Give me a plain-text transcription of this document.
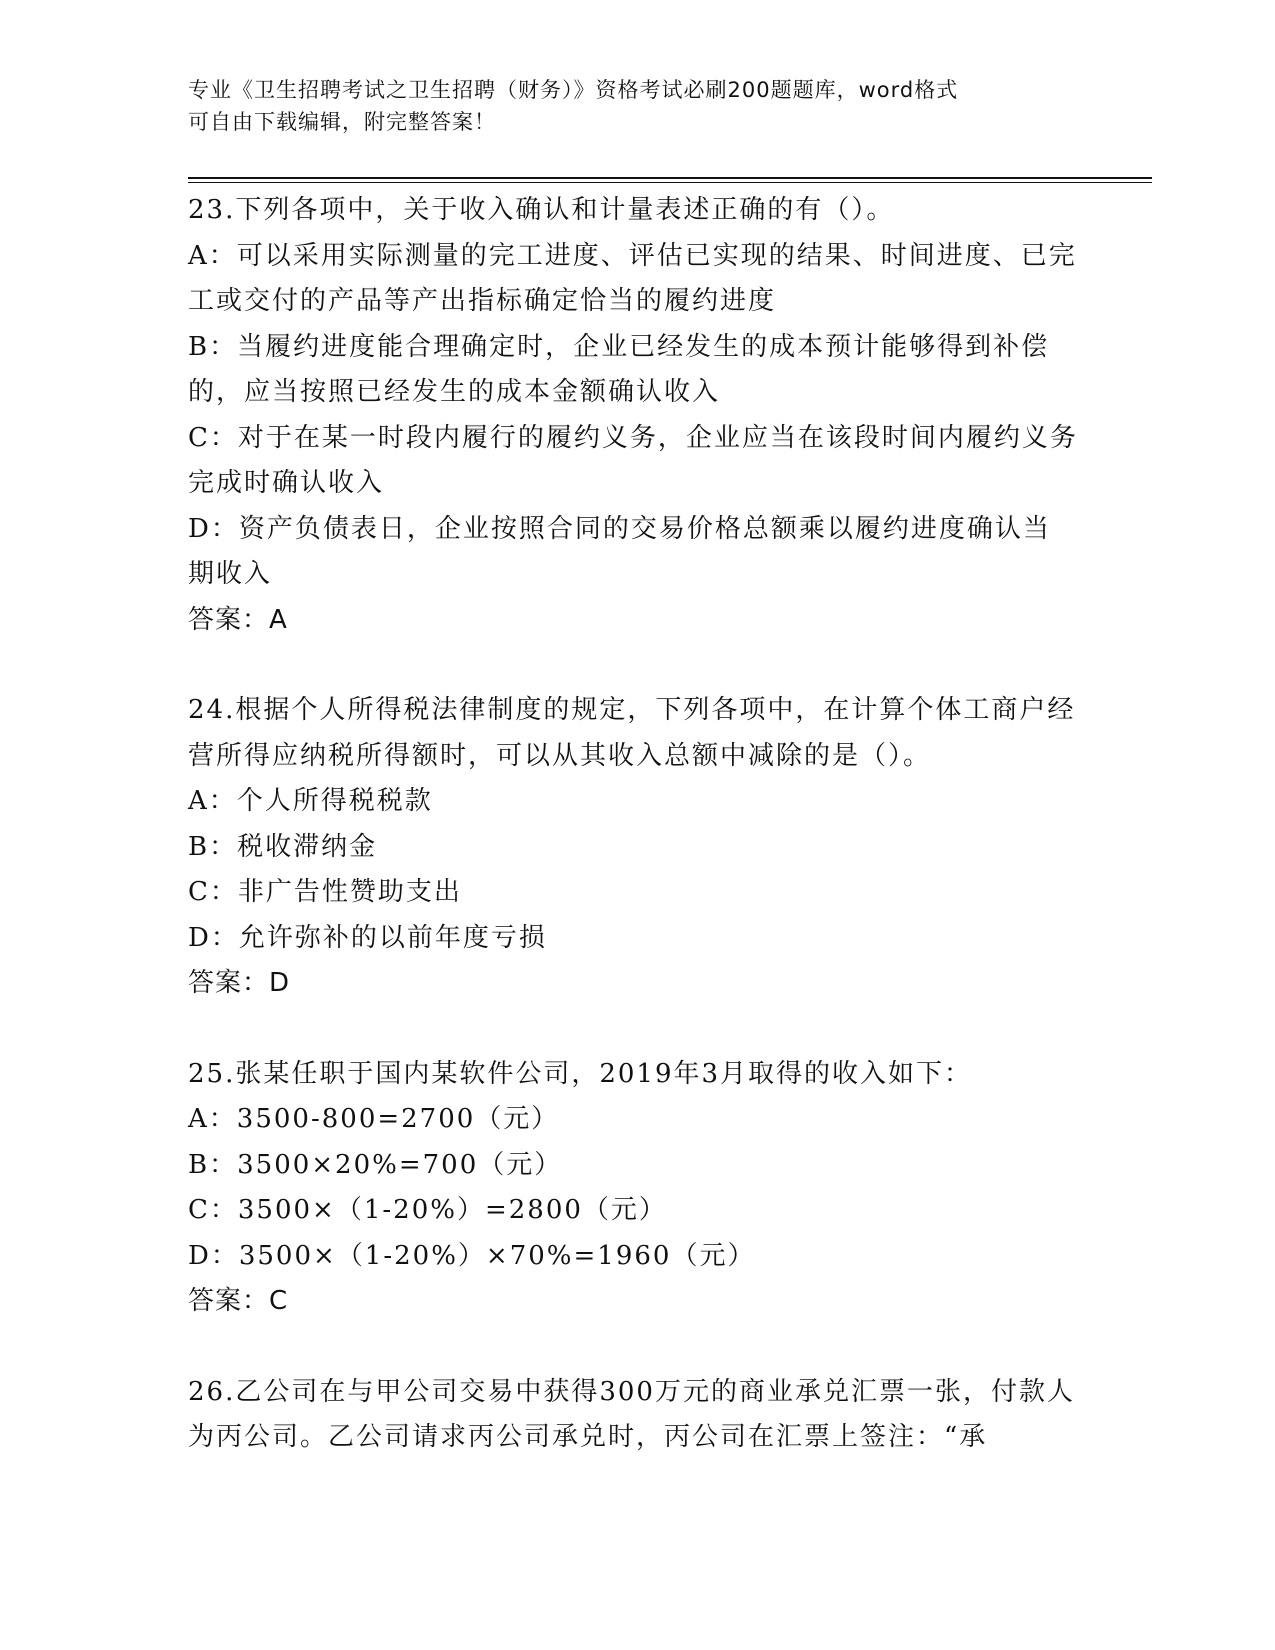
专业《卫生招聘考试之卫生招聘（财务）》资格考试必刷200题题库，word格式
可自由下载编辑，附完整答案！
23.下列各项中，关于收入确认和计量表述正确的有（）。
A：可以采用实际测量的完工进度、评估已实现的结果、时间进度、已完工或交付的产品等产出指标确定恰当的履约进度
B：当履约进度能合理确定时，企业已经发生的成本预计能够得到补偿的，应当按照已经发生的成本金额确认收入
C：对于在某一时段内履行的履约义务，企业应当在该段时间内履约义务完成时确认收入
D：资产负债表日，企业按照合同的交易价格总额乘以履约进度确认当期收入
答案：A
24.根据个人所得税法律制度的规定，下列各项中，在计算个体工商户经营所得应纳税所得额时，可以从其收入总额中减除的是（）。
A：个人所得税税款
B：税收滞纳金
C：非广告性赞助支出
D：允许弥补的以前年度亏损
答案：D
25.张某任职于国内某软件公司，2019年3月取得的收入如下：
A：3500-800=2700（元）
B：3500×20%=700（元）
C：3500×（1-20%）=2800（元）
D：3500×（1-20%）×70%=1960（元）
答案：C
26.乙公司在与甲公司交易中获得300万元的商业承兑汇票一张，付款人为丙公司。乙公司请求丙公司承兑时，丙公司在汇票上签注：“承
